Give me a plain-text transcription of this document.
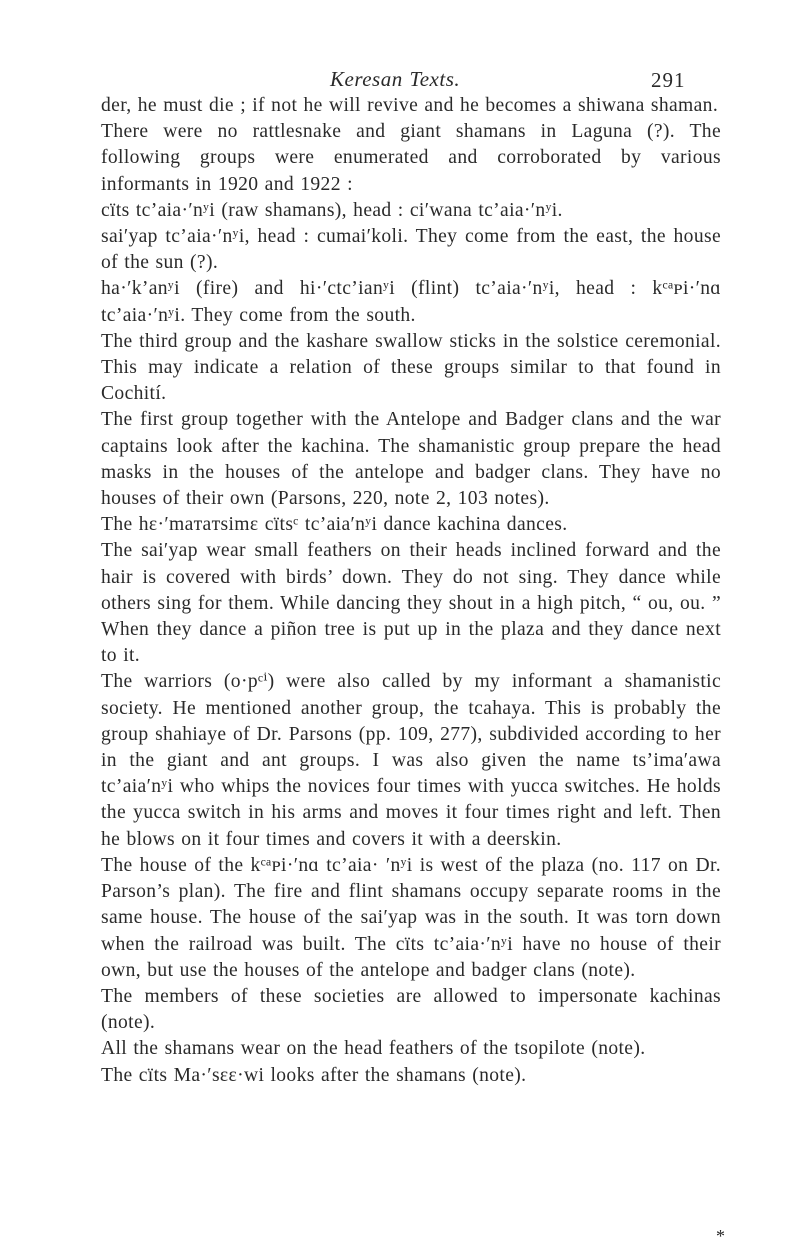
Keresan Texts.	291

der, he must die ; if not he will revive and he becomes a shiwana shaman.

There were no rattlesnake and giant shamans in Laguna (?). The following groups were enumerated and corroborated by various informants in 1920 and 1922 :

cïts tc’aia·′nʸi (raw shamans), head : ci′wana tc’aia·′nʸi.

sai′yap tc’aia·′nʸi, head : cumai′koli. They come from the east, the house of the sun (?).

ha·′k’anʸi (fire) and hi·′ctc’ianʸi (flint) tc’aia·′nʸi, head : kᶜᵃᴘi·′nɑ tc’aia·′nʸi. They come from the south.

The third group and the kashare swallow sticks in the solstice ceremonial. This may indicate a relation of these groups similar to that found in Cochití.

The first group together with the Antelope and Badger clans and the war captains look after the kachina. The shamanistic group prepare the head masks in the houses of the antelope and badger clans. They have no houses of their own (Parsons, 220, note 2, 103 notes).

The hɛ·′maᴛaᴛsimɛ cïtsᶜ tc’aia′nʸi dance kachina dances.

The sai′yap wear small feathers on their heads inclined forward and the hair is covered with birds’ down. They do not sing. They dance while others sing for them. While dancing they shout in a high pitch, “ ou, ou. ” When they dance a piñon tree is put up in the plaza and they dance next to it.

The warriors (o·pᶜⁱ) were also called by my informant a shamanistic society. He mentioned another group, the tcahaya. This is probably the group shahiaye of Dr. Parsons (pp. 109, 277), subdivided according to her in the giant and ant groups. I was also given the name ts’ima′awa tc’aia′nʸi who whips the novices four times with yucca switches. He holds the yucca switch in his arms and moves it four times right and left. Then he blows on it four times and covers it with a deerskin.

The house of the kᶜᵃᴘi·′nɑ tc’aia· ′nʸi is west of the plaza (no. 117 on Dr. Parson’s plan). The fire and flint shamans occupy separate rooms in the same house. The house of the sai′yap was in the south. It was torn down when the railroad was built. The cïts tc’aia·′nʸi have no house of their own, but use the houses of the antelope and badger clans (note).

The members of these societies are allowed to impersonate kachinas (note).

All the shamans wear on the head feathers of the tsopilote (note).

The cïts Ma·′sɛɛ·wi looks after the shamans (note).

*
